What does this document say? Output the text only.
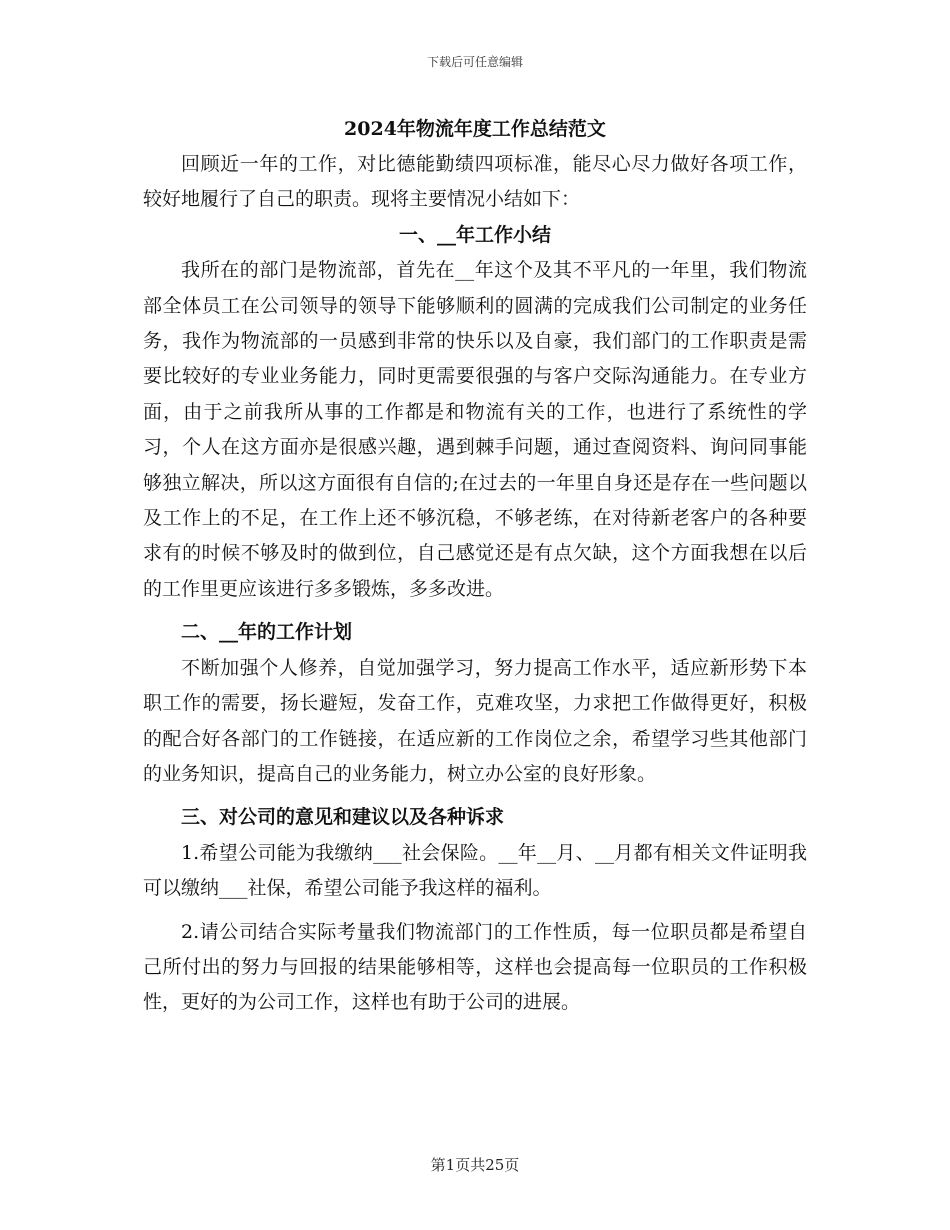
下载后可任意编辑

2024年物流年度工作总结范文

回顾近一年的工作，对比德能勤绩四项标准，能尽心尽力做好各项工作，较好地履行了自己的职责。现将主要情况小结如下：

一、__年工作小结

我所在的部门是物流部，首先在__年这个及其不平凡的一年里，我们物流部全体员工在公司领导的领导下能够顺利的圆满的完成我们公司制定的业务任务，我作为物流部的一员感到非常的快乐以及自豪，我们部门的工作职责是需要比较好的专业业务能力，同时更需要很强的与客户交际沟通能力。在专业方面，由于之前我所从事的工作都是和物流有关的工作，也进行了系统性的学习，个人在这方面亦是很感兴趣，遇到棘手问题，通过查阅资料、询问同事能够独立解决，所以这方面很有自信的;在过去的一年里自身还是存在一些问题以及工作上的不足，在工作上还不够沉稳，不够老练，在对待新老客户的各种要求有的时候不够及时的做到位，自己感觉还是有点欠缺，这个方面我想在以后的工作里更应该进行多多锻炼，多多改进。

二、__年的工作计划

不断加强个人修养，自觉加强学习，努力提高工作水平，适应新形势下本职工作的需要，扬长避短，发奋工作，克难攻坚，力求把工作做得更好，积极的配合好各部门的工作链接，在适应新的工作岗位之余，希望学习些其他部门的业务知识，提高自己的业务能力，树立办公室的良好形象。

三、对公司的意见和建议以及各种诉求

1.希望公司能为我缴纳___社会保险。__年__月、__月都有相关文件证明我可以缴纳___社保，希望公司能予我这样的福利。

2.请公司结合实际考量我们物流部门的工作性质，每一位职员都是希望自己所付出的努力与回报的结果能够相等，这样也会提高每一位职员的工作积极性，更好的为公司工作，这样也有助于公司的进展。

第1页共25页
